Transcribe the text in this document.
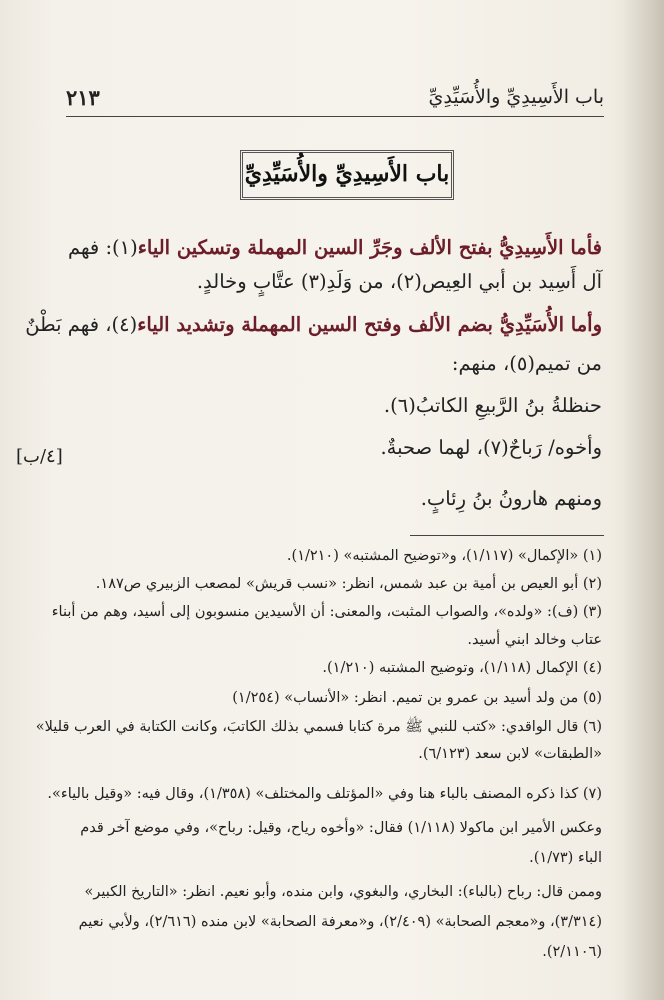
باب الأَسِيدِيِّ والأُسَيِّدِيِّ
٢١٣
باب الأَسِيدِيِّ والأُسَيِّدِيِّ
فأما الأَسِيدِيُّ بفتح الألف وجَرِّ السين المهملة وتسكين الياء(١): فهم
آل أَسِيد بن أبي العِيص(٢)، من وَلَدِ(٣) عتَّابٍ وخالدٍ.
وأما الأُسَيِّدِيُّ بضم الألف وفتح السين المهملة وتشديد الياء(٤)، فهم بَطْنٌ
من تميم(٥)، منهم:
حنظلةُ بنُ الرَّبيعِ الكاتبُ(٦).
وأخوه/ رَباحٌ(٧)، لهما صحبةٌ.
ومنهم هارونُ بنُ رِئابٍ.
[٤/ب]
(١) «الإكمال» (١/١١٧)، و«توضيح المشتبه» (١/٢١٠).
(٢) أبو العيص بن أمية بن عبد شمس، انظر: «نسب قريش» لمصعب الزبيري ص١٨٧.
(٣) (ف): «ولده»، والصواب المثبت، والمعنى: أن الأسيدين منسوبون إلى أسيد، وهم من أبناء
عتاب وخالد ابني أسيد.
(٤) الإكمال (١/١١٨)، وتوضيح المشتبه (١/٢١٠).
(٥) من ولد أسيد بن عمرو بن تميم. انظر: «الأنساب» (١/٢٥٤)
(٦) قال الواقدي: «كتب للنبي ﷺ مرة كتابا فسمي بذلك الكاتبَ، وكانت الكتابة في العرب قليلا»
«الطبقات» لابن سعد (٦/١٢٣).
(٧) كذا ذكره المصنف بالباء هنا وفي «المؤتلف والمختلف» (١/٣٥٨)، وقال فيه: «وقيل بالياء».
وعكس الأمير ابن ماكولا (١/١١٨) فقال: «وأخوه رياح، وقيل: رباح»، وفي موضع آخر قدم
الباء (١/٧٣).
وممن قال: رباح (بالباء): البخاري، والبغوي، وابن منده، وأبو نعيم. انظر: «التاريخ الكبير»
(٣/٣١٤)، و«معجم الصحابة» (٢/٤٠٩)، و«معرفة الصحابة» لابن منده (٢/٦١٦)، ولأبي نعيم
(٢/١١٠٦).
